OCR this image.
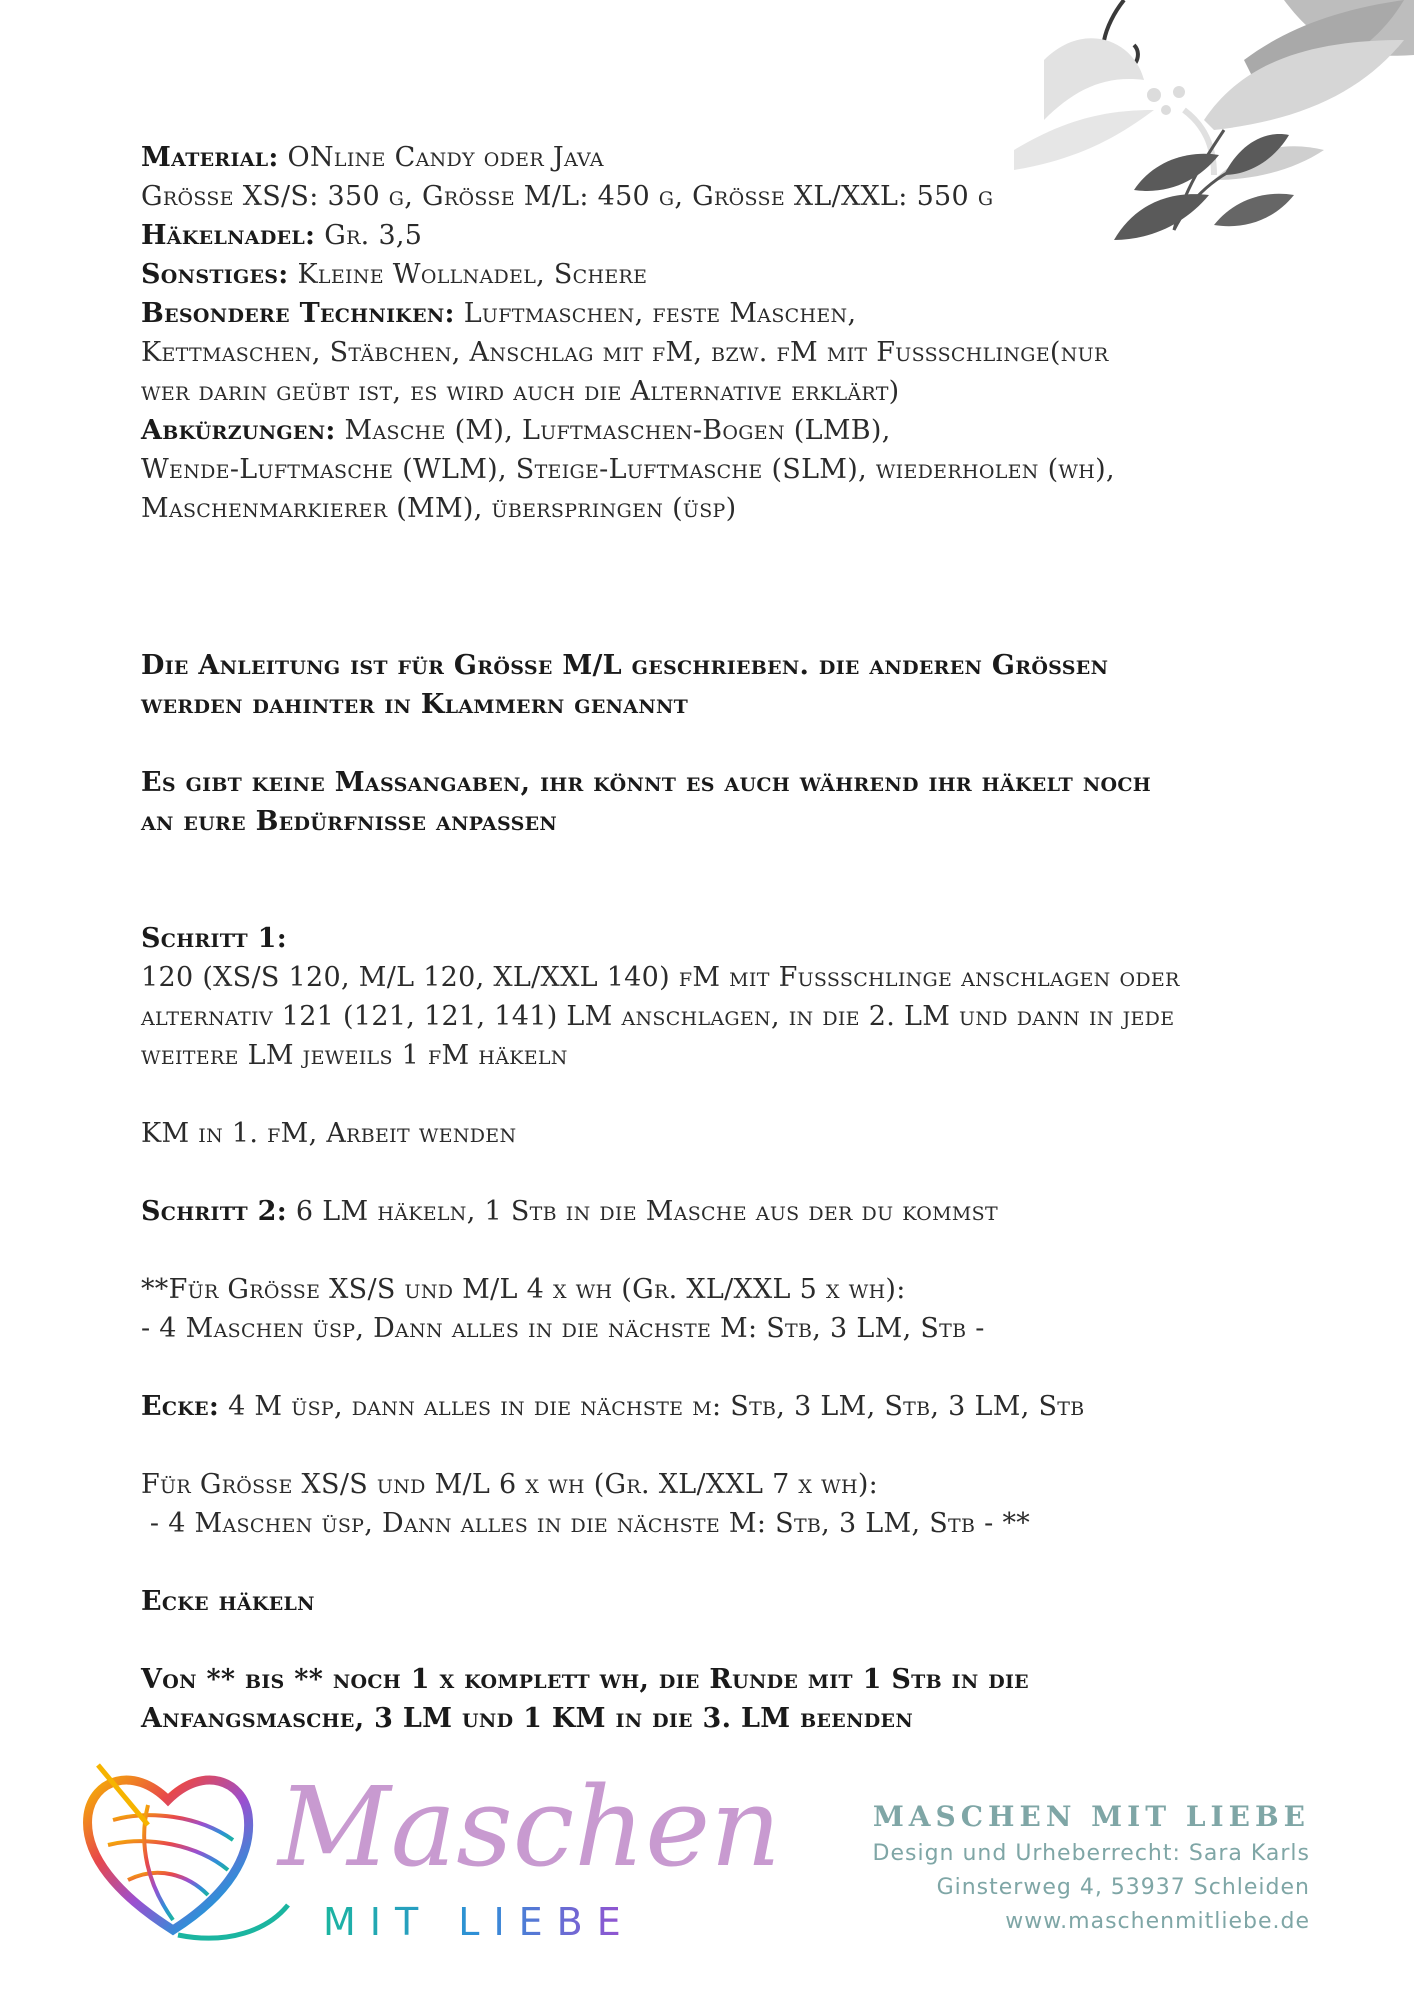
Material: ONline Candy oder Java

Grösse XS/S: 350 g, Grösse M/L: 450 g, Grösse XL/XXL: 550 g

Häkelnadel: Gr. 3,5

Sonstiges: Kleine Wollnadel, Schere

Besondere Techniken: Luftmaschen, feste Maschen,

Kettmaschen, Stäbchen, Anschlag mit fM, bzw. fM mit Fussschlinge(nur

wer darin geübt ist, es wird auch die Alternative erklärt)

Abkürzungen: Masche (M), Luftmaschen-Bogen (LMB),

Wende-Luftmasche (WLM), Steige-Luftmasche (SLM), wiederholen (wh),

Maschenmarkierer (MM), überspringen (üsp)

Die Anleitung ist für Grösse M/L geschrieben. die anderen Grössen

werden dahinter in Klammern genannt

Es gibt keine Massangaben, ihr könnt es auch während ihr häkelt noch

an eure Bedürfnisse anpassen

Schritt 1:

120 (XS/S 120, M/L 120, XL/XXL 140) fM mit Fussschlinge anschlagen oder

alternativ 121 (121, 121, 141) LM anschlagen, in die 2. LM und dann in jede

weitere LM jeweils 1 fM häkeln

KM in 1. fM, Arbeit wenden

Schritt 2: 6 LM häkeln, 1 Stb in die Masche aus der du kommst

**Für Grösse XS/S und M/L 4 x wh (Gr. XL/XXL 5 x wh):

- 4 Maschen üsp, Dann alles in die nächste M: Stb, 3 LM, Stb -

Ecke: 4 M üsp, dann alles in die nächste m: Stb, 3 LM, Stb, 3 LM, Stb

Für Grösse XS/S und M/L 6 x wh (Gr. XL/XXL 7 x wh):

- 4 Maschen üsp, Dann alles in die nächste M: Stb, 3 LM, Stb - **

Ecke häkeln

Von ** bis ** noch 1 x komplett wh, die Runde mit 1 Stb in die

Anfangsmasche, 3 LM und 1 KM in die 3. LM beenden

Maschen
MIT LIEBE
MASCHEN MIT LIEBE
Design und Urheberrecht: Sara Karls
Ginsterweg 4, 53937 Schleiden
www.maschenmitliebe.de
